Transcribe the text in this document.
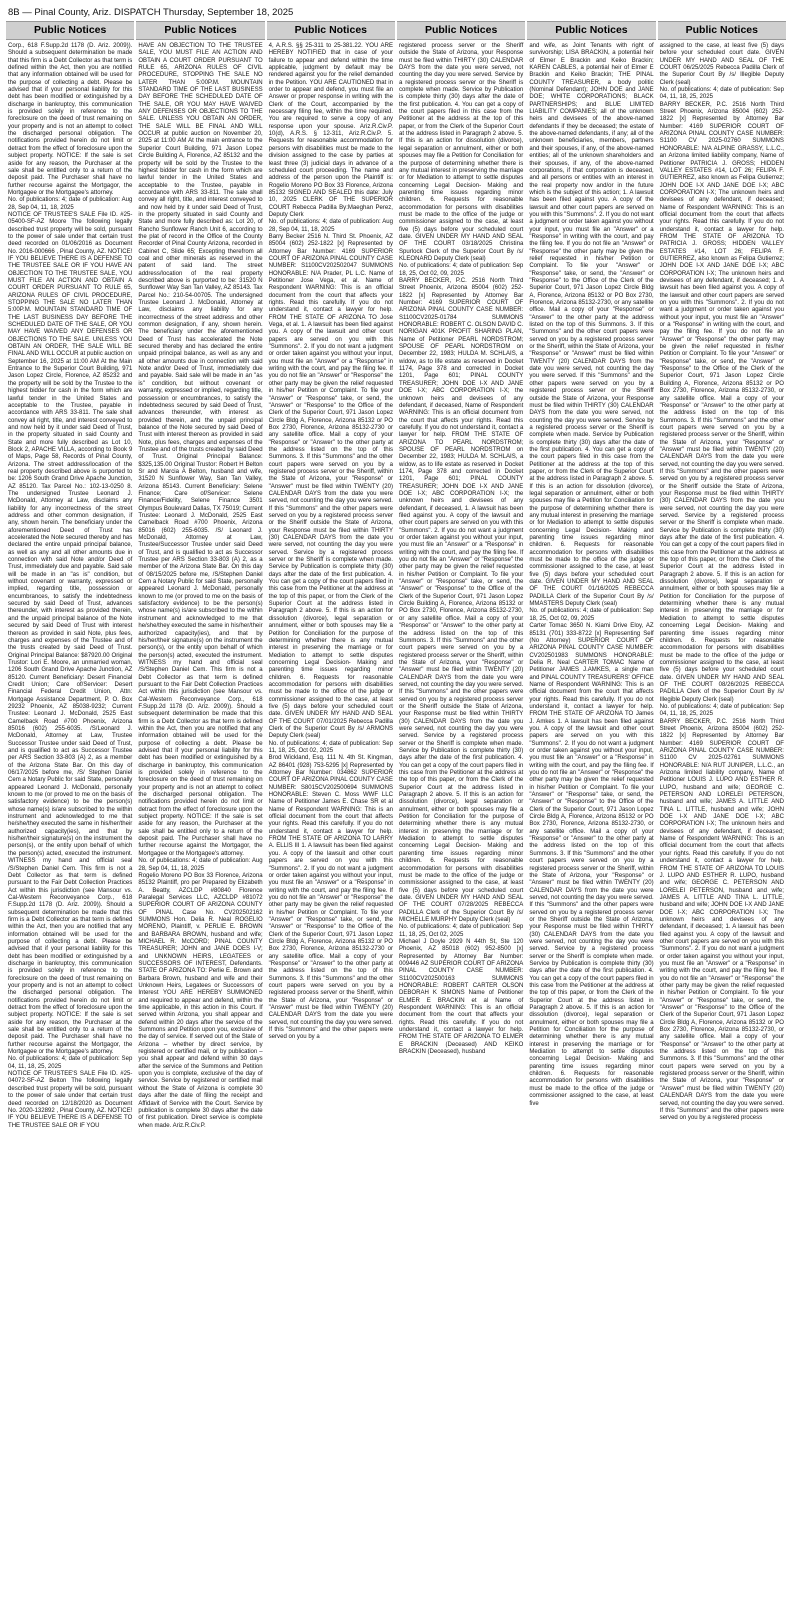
8B — Pinal County, Ariz. DISPATCH Thursday, September 18, 2025
Public Notices

Corp., 618 F.Supp.2d 1178 (D. Ariz. 2009)). Should a subsequent determination be made that this firm is a Debt Collector as that term is defined within the Act, then you are notified that any information obtained will be used for the purpose of collecting a debt. Please be advised that if your personal liability for this debt has been modified or extinguished by a discharge in bankruptcy, this communication is provided solely in reference to the foreclosure on the deed of trust remaining on your property and is not an attempt to collect the discharged personal obligation. The notifications provided herein do not limit or detract from the effect of foreclosure upon the subject property. NOTICE: If the sale is set aside for any reason, the Purchaser at the sale shall be entitled only to a return of the deposit paid. The Purchaser shall have no further recourse against the Mortgagor, the Mortgagee or the Mortgagee's attorney.

No. of publications: 4; date of publication: Aug 28, Sep 04, 11, 18, 2025

NOTICE OF TRUSTEE'S SALE File ID. #25-05400-SF-AZ Moore The following legally described trust property will be sold, pursuant to the power of sale under that certain trust deed recorded on 01/06/2016 as Document No. 2016-000666 , Pinal County, AZ. NOTICE! IF YOU BELIEVE THERE IS A DEFENSE TO THE TRUSTEE SALE OR IF YOU HAVE AN OBJECTION TO THE TRUSTEE SALE, YOU MUST FILE AN ACTION AND OBTAIN A COURT ORDER PURSUANT TO RULE 65, ARIZONA RULES OF CIVIL PROCEDURE, STOPPING THE SALE NO LATER THAN 5:00P.M. MOUNTAIN STANDARD TIME OF THE LAST BUSINESS DAY BEFORE THE SCHEDULED DATE OF THE SALE, OR YOU MAY HAVE WAIVED ANY DEFENSES OR OBJECTIONS TO THE SALE. UNLESS YOU OBTAIN AN ORDER, THE SALE WILL BE FINAL AND WILL OCCUR at public auction on September 16, 2025 at 11:00 AM At the Main Entrance to the Superior Court Building, 971 Jason Lopez Circle, Florence, AZ 85232 and the property will be sold by the Trustee to the highest bidder for cash in the form which are lawful tender in the United States and acceptable to the Trustee, payable in accordance with ARS 33-811. The sale shall convey all right, title, and interest conveyed to and now held by it under said Deed of Trust, in the property situated in said County and State and more fully described as Lot 10, Block 2, APACHE VILLA, according to Book 9 of Maps, Page 58, Records of Pinal County, Arizona. The street address/location of the real property described above is purported to be: 1206 South Grand Drive Apache Junction, AZ 85120. Tax Parcel No.: 102-13-0250 8. The undersigned Trustee Leonard J. McDonald, Attorney at Law, disclaims any liability for any incorrectness of the street address and other common designation, if any, shown herein. The beneficiary under the aforementioned Deed of Trust has accelerated the Note secured thereby and has declared the entire unpaid principal balance, as well as any and all other amounts due in connection with said Note and/or Deed of Trust, immediately due and payable. Said sale will be made in an "as is" condition, but without covenant or warranty, expressed or implied, regarding title, possession or encumbrances, to satisfy the indebtedness secured by said Deed of Trust, advances thereunder, with interest as provided therein, and the unpaid principal balance of the Note secured by said Deed of Trust with interest thereon as provided in said Note, plus fees, charges and expenses of the Trustee and of the trusts created by said Deed of Trust. Original Principal Balance: $87920.00 Original Trustor: Lori E. Moore, an unmarried woman, 1206 South Grand Drive Apache Junction, AZ 85120. Current Beneficiary: Desert Financial Credit Union; Care of/Servicer: Desert Financial Federal Credit Union, Attn: Mortgage Assistance Department, P. O. Box 29232 Phoenix, AZ 85038-9232; Current Trustee: Leonard J. McDonald, 2525 East Camelback Road #700 Phoenix, Arizona 85016 (602) 255-6035. /S/Leonard J. McDonald, Attorney at Law, Trustee Successor Trustee under said Deed of Trust, and is qualified to act as Successor Trustee per ARS Section 33-803 (A) 2, as a member of the Arizona State Bar. On this day of 06/17/2025 before me, /S/ Stephen Daniel Cem a Notary Public for said State, personally appeared Leonard J. McDonald, personally known to me (or proved to me on the basis of satisfactory evidence) to be the person(s) whose name(s) is/are subscribed to the within instrument and acknowledged to me that he/she/they executed the same in his/her/their authorized capacity(ies), and that by his/her/their signature(s) on the instrument the person(s), or the entity upon behalf of which the person(s) acted, executed the instrument. WITNESS my hand and official seal /S/Stephen Daniel Cem. This firm is not a Debt Collector as that term is defined pursuant to the Fair Debt Collection Practices Act within this jurisdiction (see Mansour vs. Cal-Western Reconveyance Corp., 618 F.Supp.2d 1178 (D. Ariz. 2009)). Should a subsequent determination be made that this firm is a Debt Collector as that term is defined within the Act, then you are notified that any information obtained will be used for the purpose of collecting a debt. Please be advised that if your personal liability for this debt has been modified or extinguished by a discharge in bankruptcy, this communication is provided solely in reference to the foreclosure on the deed of trust remaining on your property and is not an attempt to collect the discharged personal obligation. The notifications provided herein do not limit or detract from the effect of foreclosure upon the subject property. NOTICE: If the sale is set aside for any reason, the Purchaser at the sale shall be entitled only to a return of the deposit paid. The Purchaser shall have no further recourse against the Mortgagor, the Mortgagee or the Mortgagee's attorney.

No. of publications: 4; date of publication: Sep 04, 11, 18, 25, 2025

NOTICE OF TRUSTEE'S SALE File ID. #25-04072-SF-AZ Belton The following legally described trust property will be sold, pursuant to the power of sale under that certain trust deed recorded on 12/18/2020 as Document No. 2020-132892 , Pinal County, AZ. NOTICE! IF YOU BELIEVE THERE IS A DEFENSE TO THE TRUSTEE SALE OR IF YOU

Public Notices

HAVE AN OBJECTION TO THE TRUSTEE SALE, YOU MUST FILE AN ACTION AND OBTAIN A COURT ORDER PURSUANT TO RULE 65, ARIZONA RULES OF CIVIL PROCEDURE, STOPPING THE SALE NO LATER THAN 5:00P.M. MOUNTAIN STANDARD TIME OF THE LAST BUSINESS DAY BEFORE THE SCHEDULED DATE OF THE SALE, OR YOU MAY HAVE WAIVED ANY DEFENSES OR OBJECTIONS TO THE SALE. UNLESS YOU OBTAIN AN ORDER, THE SALE WILL BE FINAL AND WILL OCCUR at public auction on November 20, 2025 at 11:00 AM At the main entrance to the Superior Court Building, 971 Jason Lopez Circle Building A, Florence, AZ 85132 and the property will be sold by the Trustee to the highest bidder for cash in the form which are lawful tender in the United States and acceptable to the Trustee, payable in accordance with ARS 33-811. The sale shall convey all right, title, and interest conveyed to and now held by it under said Deed of Trust, in the property situated in said County and State and more fully described as: Lot 20, of Rancho Sunflower Ranch Unit 6, according to the plat of record in the Office of the County Recorder of Pinal County Arizona, recorded in Cabinet C, Slide 65; Excepting therefrom all coal and other minerals as reserved in the patent of said land. The street address/location of the real property described above is purported to be: 31520 N Sunflower Way San Tan Valley, AZ 85143. Tax Parcel No.: 210-54-00705. The undersigned Trustee Leonard J. McDonald, Attorney at Law, disclaims any liability for any incorrectness of the street address and other common designation, if any, shown herein. The beneficiary under the aforementioned Deed of Trust has accelerated the Note secured thereby and has declared the entire unpaid principal balance, as well as any and all other amounts due in connection with said Note and/or Deed of Trust, immediately due and payable. Said sale will be made in an "as is" condition, but without covenant or warranty, expressed or implied, regarding title, possession or encumbrances, to satisfy the indebtedness secured by said Deed of Trust, advances thereunder, with interest as provided therein, and the unpaid principal balance of the Note secured by said Deed of Trust with interest thereon as provided in said Note, plus fees, charges and expenses of the Trustee and of the trusts created by said Deed of Trust. Original Principal Balance: $325,135.00 Original Trustor: Robert H Belton Sr and Marcia A Belton, husband and wife, 31520 N Sunflower Way, San Tan Valley, Arizona 85143. Current Beneficiary: Selene Finance; Care of/Servicer: Selene Finance/Fidelity, Selene Finance 3501 Olympus Boulevard Dallas, TX 75019; Current Trustee: Leonard J. McDonald, 2525 East Camelback Road #700 Phoenix, Arizona 85016 (602) 255-6035. /S/ Leonard J. McDonald, Attorney at Law, Trustee/Successor Trustee under said Deed of Trust, and is qualified to act as Successor Trustee per ARS Section 33-803 (A) 2, as a member of the Arizona State Bar. On this day of 08/15/2025 before me, /S/Stephen Daniel Cem a Notary Public for said State, personally appeared Leonard J. McDonald, personally known to me (or proved to me on the basis of satisfactory evidence) to be the person(s) whose name(s) is/are subscribed to the within instrument and acknowledged to me that he/she/they executed the same in his/her/their authorized capacity(ies), and that by his/her/their signature(s) on the instrument the person(s), or the entity upon behalf of which the person(s) acted, executed the instrument. WITNESS my hand and official seal /S/Stephen Daniel Cem. This firm is not a Debt Collector as that term is defined pursuant to the Fair Debt Collection Practices Act within this jurisdiction (see Mansour vs. Cal-Western Reconveyance Corp., 618 F.Supp.2d 1178 (D. Ariz. 2009)). Should a subsequent determination be made that this firm is a Debt Collector as that term is defined within the Act, then you are notified that any information obtained will be used for the purpose of collecting a debt. Please be advised that if your personal liability for this debt has been modified or extinguished by a discharge in bankruptcy, this communication is provided solely in reference to the foreclosure on the deed of trust remaining on your property and is not an attempt to collect the discharged personal obligation. The notifications provided herein do not limit or detract from the effect of foreclosure upon the subject property. NOTICE: If the sale is set aside for any reason, the Purchaser at the sale shall be entitled only to a return of the deposit paid. The Purchaser shall have no further recourse against the Mortgagor, the Mortgagee or the Mortgagee's attorney.

No. of publications: 4; date of publication: Aug 28, Sep 04, 11, 18, 2025

Rogelio Moreno PO Box 33 Florence, Arizona 85132 Plaintiff, pro per Prepared by Elizabeth A. Beatty, AZCLDP #80840 Florence Paralegal Services LLC, AZCLDP #81072 SUPERIOR COURT OF ARIZONA COUNTY OF PINAL Case No. CV202502162 SUMMONS Hon. Delia R. Neal ROGELIO MORENO, Plaintiff, v. PERLIE E. BROWN and BARBARA BROWN, husband and wife; MICHAEL R. McCORD; PINAL COUNTY TREASURER; JOHN and JANE DOES I-V; and UNKNOWN HEIRS, LEGATEES or SUCCESSORS OF INTEREST, Defendants. STATE OF ARIZONA TO: Perlie E. Brown and Barbara Brown, husband and wife and their Unknown Heirs, Legatees or Successors of Interest YOU ARE HEREBY SUMMONED and required to appear and defend, within the time applicable, in this action in this Court. If served within Arizona, you shall appear and defend within 20 days after the service of the Summons and Petition upon you, exclusive of the day of service. If served out of the State of Arizona – whether by direct service, by registered or certified mail, or by publication – you shall appear and defend within 30 days after the service of the Summons and Petition upon you is complete, exclusive of the day of service. Service by registered or certified mail without the State of Arizona is complete 30 days after the date of filing the receipt and Affidavit of Service with the Court. Service by publication is complete 30 days after the date of first publication. Direct service is complete when made. Ariz.R.Civ.P.

Public Notices

4, A.R.S. §§ 25-311 to 25-381.22. YOU ARE HEREBY NOTIFIED that in case of your failure to appear and defend within the time applicable, judgment by default may be rendered against you for the relief demanded in the Petition. YOU ARE CAUTIONED that in order to appear and defend, you must file an Answer or proper response in writing with the Clerk of the Court, accompanied by the necessary filing fee, within the time required. You are required to serve a copy of any response upon your spouse. Ariz.R.Civ.P. 10(d), A.R.S. § 12-311, Ariz.R.Civ.P. 5. Requests for reasonable accommodation for persons with disabilities must be made to the division assigned to the case by parties at least three (3) judicial days in advance of a scheduled court proceeding. The name and address of the person upon the Plaintiff is: Rogelio Moreno PO Box 33 Florence, Arizona 85132 SIGNED AND SEALED this date: July 10, 2025 CLERK OF THE SUPERIOR COURT Rebecca Padilla By:Maeghan Perez, Deputy Clerk

No. of publications: 4; date of publication: Aug 28, Sep 04, 11, 18, 2025

Barry Becker 2516 N. Third St. Phoenix, AZ 85004 (602) 252-1822 [x] Represented by Attorney Bar Number: 4169 SUPERIOR COURT OF ARIZONA PINAL COUNTY CASE NUMBER: S1100CV202502047 SUMMONS HONORABLE: N/A Prader, PL L.C. Name of Petitioner Jose Vega, et al. Name of Respondent WARNING: This is an official document from the court that affects your rights. Read this carefully. If you do not understand it, contact a lawyer for help. FROM THE STATE OF ARIZONA TO Jose Vega, et al. 1. A lawsuit has been filed against you. A copy of the lawsuit and other court papers are served on you with this "Summons". 2. If you do not want a judgment or order taken against you without your input, you must file an "Answer" or a "Response" in writing with the court, and pay the filing fee. If you do not file an "Answer" or "Response" the other party may be given the relief requested in his/her Petition or Complaint. To file your "Answer" or "Response" take, or send, the "Answer" or "Response" to the Office of the Clerk of the Superior Court, 971 Jason Lopez Circle Bldg A, Florence, Arizona 85132 or PO Box 2730, Florence, Arizona 85132-2730 or any satellite office. Mail a copy of your "Response" or "Answer" to the other party at the address listed on the top of this Summons. 3. If this "Summons" and the other court papers were served on you by a registered process server or the Sheriff, within the State of Arizona, your "Response" or "Answer" must be filed within TWENTY (20) CALENDAR DAYS from the date you were served, not counting the day you were served. If this "Summons" and the other papers were served on you by a registered process server or the Sheriff outside the State of Arizona, your Response must be filed within THIRTY (30) CALENDAR DAYS from the date you were served, not counting the day you were served. Service by a registered process server or the Sheriff is complete when made. Service by Publication is complete thirty (30) days after the date of the first publication. 4. You can get a copy of the court papers filed in this case from the Petitioner at the address at the top of this paper, or from the Clerk of the Superior Court at the address listed in Paragraph 2 above. 5. If this is an action for dissolution (divorce), legal separation or annulment, either or both spouses may file a Petition for Conciliation for the purpose of determining whether there is any mutual interest in preserving the marriage or for Mediation to attempt to settle disputes concerning Legal Decision- Making and parenting time issues regarding minor children. 6. Requests for reasonable accommodation for persons with disabilities must be made to the office of the judge or commissioner assigned to the case, at least five (5) days before your scheduled court date. GIVEN UNDER MY HAND AND SEAL OF THE COURT 07/01/2025 Rebecca Padilla Clerk of the Superior Court By /s/ ARMONS Deputy Clerk (seal)

No. of publications: 4; date of publication: Sep 11, 18, 25, Oct 02, 2025

Brod Wickland, Esq. 111 N. 4th St. Kingman, AZ 86401 (928) 753-5295 [x] Represented by Attorney Bar Number: 034862 SUPERIOR COURT OF ARIZONA PINAL COUNTY CASE NUMBER: S8015CV202500694 SUMMONS HONORABLE: Steven C. Moss WWF LLC Name of Petitioner James E. Chase SR et al Name of Respondent WARNING: This is an official document from the court that affects your rights. Read this carefully. If you do not understand it, contact a lawyer for help. FROM THE STATE OF ARIZONA TO LARRY A. ELLIS III 1. A lawsuit has been filed against you. A copy of the lawsuit and other court papers are served on you with this "Summons". 2. If you do not want a judgment or order taken against you without your input, you must file an "Answer" or a "Response" in writing with the court, and pay the filing fee. If you do not file an "Answer" or "Response" the other party may be given the relief requested in his/her Petition or Complaint. To file your "Answer" or "Response" take, or send, the "Answer" or "Response" to the Office of the Clerk of the Superior Court, 971 Jason Lopez Circle Bldg A, Florence, Arizona 85132 or PO Box 2730, Florence, Arizona 85132-2730 or any satellite office. Mail a copy of your "Response" or "Answer" to the other party at the address listed on the top of this Summons. 3. If this "Summons" and the other court papers were served on you by a registered process server or the Sheriff, within the State of Arizona, your "Response" or "Answer" must be filed within TWENTY (20) CALENDAR DAYS from the date you were served, not counting the day you were served. If this "Summons" and the other papers were served on you by a

Public Notices

registered process server or the Sheriff outside the State of Arizona, your Response must be filed within THIRTY (30) CALENDAR DAYS from the date you were served, not counting the day you were served. Service by a registered process server or the Sheriff is complete when made. Service by Publication is complete thirty (30) days after the date of the first publication. 4. You can get a copy of the court papers filed in this case from the Petitioner at the address at the top of this paper, or from the Clerk of the Superior Court at the address listed in Paragraph 2 above. 5. If this is an action for dissolution (divorce), legal separation or annulment, either or both spouses may file a Petition for Conciliation for the purpose of determining whether there is any mutual interest in preserving the marriage or for Mediation to attempt to settle disputes concerning Legal Decision- Making and parenting time issues regarding minor children. 6. Requests for reasonable accommodation for persons with disabilities must be made to the office of the judge or commissioner assigned to the case, at least five (5) days before your scheduled court date. GIVEN UNDER MY HAND AND SEAL OF THE COURT 03/18/2025 Christina Spurlock Clerk of the Superior Court By /s/ KLEONARD Deputy Clerk (seal)

No. of publications: 4; date of publication: Sep 18, 25, Oct 02, 09, 2025

BARRY BECKER, P.C. 2516 North Third Street Phoenix, Arizona 85004 (602) 252-1822 [x] Represented by Attorney Bar Number: 4169 SUPERIOR COURT OF ARIZONA PINAL COUNTY CASE NUMBER: S1100CV2025-01784 SUMMONS HONORABLE: ROBERT C. OLSON DAVID C. NORIGAN 401K PROFIT SHARING PLAN, Name of Petitioner PEARL NORDSTROM; SPOUSE OF PEARL NORDSTROM on December 22, 1983; HULDA M. SCHLAIS, a widow, as to life estate as reserved in Docket 1174, Page 378 and corrected in Docket 1201, Page 601; PINAL COUNTY TREASURER; JOHN DOE I-X AND JANE DOE I-X; ABC CORPORATION I-X; the unknown heirs and devisees of any defendant, if deceased, Name of Respondent WARNING: This is an official document from the court that affects your rights. Read this carefully. If you do not understand it, contact a lawyer for help. FROM THE STATE OF ARIZONA TO PEARL NORDSTROM; SPOUSE OF PEARL NORDSTROM on December 22, 1983; HULDA M. SCHLAIS, a widow, as to life estate as reserved in Docket 1174, Page 378 and corrected in Docket 1201, Page 601; PINAL COUNTY TREASURER; JOHN DOE I-X AND JANE DOE I-X; ABC CORPORATION I-X; the unknown heirs and devisees of any defendant, if deceased, 1. A lawsuit has been filed against you. A copy of the lawsuit and other court papers are served on you with this "Summons". 2. If you do not want a judgment or order taken against you without your input, you must file an "Answer" or a "Response" in writing with the court, and pay the filing fee. If you do not file an "Answer" or "Response" the other party may be given the relief requested in his/her Petition or Complaint. To file your "Answer" or "Response" take, or send, the "Answer" or "Response" to the Office of the Clerk of the Superior Court, 971 Jason Lopez Circle Building A, Florence, Arizona 85132 or PO Box 2730, Florence, Arizona 85132-2730, or any satellite office. Mail a copy of your "Response" or "Answer" to the other party at the address listed on the top of this Summons. 3. If this "Summons" and the other court papers were served on you by a registered process server or the Sheriff, within the State of Arizona, your "Response" or "Answer" must be filed within TWENTY (20) CALENDAR DAYS from the date you were served, not counting the day you were served. If this "Summons" and the other papers were served on you by a registered process server or the Sheriff outside the State of Arizona, your Response must be filed within THIRTY (30) CALENDAR DAYS from the date you were served, not counting the day you were served. Service by a registered process server or the Sheriff is complete when made. Service by Publication is complete thirty (30) days after the date of the first publication. 4. You can get a copy of the court papers filed in this case from the Petitioner at the address at the top of this paper, or from the Clerk of the Superior Court at the address listed in Paragraph 2 above. 5. If this is an action for dissolution (divorce), legal separation or annulment, either or both spouses may file a Petition for Conciliation for the purpose of determining whether there is any mutual interest in preserving the marriage or for Mediation to attempt to settle disputes concerning Legal Decision- Making and parenting time issues regarding minor children. 6. Requests for reasonable accommodation for persons with disabilities must be made to the office of the judge or commissioner assigned to the case, at least five (5) days before your scheduled court date. GIVEN UNDER MY HAND AND SEAL OF THE COURT 07/28/2025 REBECCA PADILLA Clerk of the Superior Court By /s/ MICHELLE MURPHY Deputy Clerk (seal)

No. of publications: 4; date of publication: Sep 11, 18, 25, Oct 02, 2025

Michael J Doyle 2929 N 44th St, Ste 120 Phoenix, AZ 85018 (602) 952-8500 [x] Represented by Attorney Bar Number: 009446 AZ SUPERIOR COURT OF ARIZONA PINAL COUNTY CASE NUMBER: S1100CV202500163 SUMMONS HONORABLE: ROBERT CARTER OLSON DEBORAH K SIMONS Name of Petitioner ELMER E BRACKIN et al Name of Respondent WARNING: This is an official document from the court that affects your rights. Read this carefully. If you do not understand it, contact a lawyer for help. FROM THE STATE OF ARIZONA TO ELMER E BRACKIN (Deceased) AND KEIKO BRACKIN (Deceased), husband

Public Notices

and wife, as Joint Tenants with right of survivorship; LISA BRACKIN, a potential heir of Elmer E Brackin and Keiko Brackin; KAREN CABLES, a potential heir of Elmer E Brackin and Keiko Brackin; THE PINAL COUNTY TREASURER, a body politic (Nominal Defendant); JOHN DOE and JANE DOE; WHITE CORPORATIONS; BLACK PARTNERSHIPS; and BLUE LIMITED LIABILITY COMPANIES; all of the unknown heirs and devisees of the above-named defendants if they be deceased; the estate of the above-named defendants, if any; all of the unknown beneficiaries, members, partners and their spouses, if any, of the above-named entities; all of the unknown shareholders and their spouses, if any, of the above-named corporations, if that corporation is deceased, and all persons or entities with an interest in the real property now and/or in the future which is the subject of this action; 1. A lawsuit has been filed against you. A copy of the lawsuit and other court papers are served on you with this "Summons". 2. If you do not want a judgment or order taken against you without your input, you must file an "Answer" or a "Response" in writing with the court, and pay the filing fee. If you do not file an "Answer" or "Response" the other party may be given the relief requested in his/her Petition or Complaint. To file your "Answer" or "Response" take, or send, the "Answer" or "Response" to the Office of the Clerk of the Superior Court, 971 Jason Lopez Circle Bldg A, Florence, Arizona 85132 or PO Box 2730, Florence, Arizona 85132-2730, or any satellite office. Mail a copy of your "Response" or "Answer" to the other party at the address listed on the top of this Summons. 3. If this "Summons" and the other court papers were served on you by a registered process server or the Sheriff, within the State of Arizona, your "Response" or "Answer" must be filed within TWENTY (20) CALENDAR DAYS from the date you were served, not counting the day you were served. If this "Summons" and the other papers were served on you by a registered process server or the Sheriff outside the State of Arizona, your Response must be filed within THIRTY (30) CALENDAR DAYS from the date you were served, not counting the day you were served. Service by a registered process server or the Sheriff is complete when made. Service by Publication is complete thirty (30) days after the date of the first publication. 4. You can get a copy of the court papers filed in this case from the Petitioner at the address at the top of this paper, or from the Clerk of the Superior Court at the address listed in Paragraph 2 above. 5. If this is an action for dissolution (divorce), legal separation or annulment, either or both spouses may file a Petition for Conciliation for the purpose of determining whether there is any mutual interest in preserving the marriage or for Mediation to attempt to settle disputes concerning Legal Decision- Making and parenting time issues regarding minor children. 6. Requests for reasonable accommodation for persons with disabilities must be made to the office of the judge or commissioner assigned to the case, at least five (5) days before your scheduled court date. GIVEN UNDER MY HAND AND SEAL OF THE COURT 01/16/2025 REBECCA PADILLA Clerk of the Superior Court By /s/ MMASTERS Deputy Clerk (seal)

No. of publications: 4; date of publication: Sep 18, 25, Oct 02, 09, 2025

Carter Tomac 3650 N. Kiami Drive Eloy, AZ 85131 (701) 333-8722 [x] Representing Self (No Attorney) SUPERIOR COURT OF ARIZONA PINAL COUNTY CASE NUMBER: CV202501983 SUMMONS HONORABLE: Delia R. Neal CARTER TOMAC Name of Petitioner JAMES J.AMKES, a single man and PINAL COUNTY TREASURERS' OFFICE Name of Respondent WARNING: This is an official document from the court that affects your rights. Read this carefully. If you do not understand it, contact a lawyer for help. FROM THE STATE OF ARIZONA TO James J. Amkes 1. A lawsuit has been filed against you. A copy of the lawsuit and other court papers are served on you with this "Summons". 2. If you do not want a judgment or order taken against you without your input, you must file an "Answer" or a "Response" in writing with the court, and pay the filing fee. If you do not file an "Answer" or "Response" the other party may be given the relief requested in his/her Petition or Complaint. To file your "Answer" or "Response" take, or send, the "Answer" or "Response" to the Office of the Clerk of the Superior Court, 971 Jason Lopez Circle Bldg A, Florence, Arizona 85132 or PO Box 2730, Florence, Arizona 85132-2730, or any satellite office. Mail a copy of your "Response" or "Answer" to the other party at the address listed on the top of this Summons. 3. If this "Summons" and the other court papers were served on you by a registered process server or the Sheriff, within the State of Arizona, your "Response" or "Answer" must be filed within TWENTY (20) CALENDAR DAYS from the date you were served, not counting the day you were served. If this "Summons" and the other papers were served on you by a registered process server or the Sheriff outside the State of Arizona, your Response must be filed within THIRTY (30) CALENDAR DAYS from the date you were served, not counting the day you were served. Service by a registered process server or the Sheriff is complete when made. Service by Publication is complete thirty (30) days after the date of the first publication. 4. You can get a copy of the court papers filed in this case from the Petitioner at the address at the top of this paper, or from the Clerk of the Superior Court at the address listed in Paragraph 2 above. 5. If this is an action for dissolution (divorce), legal separation or annulment, either or both spouses may file a Petition for Conciliation for the purpose of determining whether there is any mutual interest in preserving the marriage or for Mediation to attempt to settle disputes concerning Legal Decision- Making and parenting time issues regarding minor children. 6. Requests for reasonable accommodation for persons with disabilities must be made to the office of the judge or commissioner assigned to the case, at least five

Public Notices

assigned to the case, at least five (5) days before your scheduled court date. GIVEN UNDER MY HAND AND SEAL OF THE COURT 06/25/2025 Rebecca Padilla Clerk of the Superior Court By /s/ Illegible Deputy Clerk (seal)

No. of publications: 4; date of publication: Sep 04, 11, 18, 25, 2025

BARRY BECKER, P.C. 2516 North Third Street Phoenix, Arizona 85004 (602) 252-1822 [x] Represented by Attorney Bar Number: 4169 SUPERIOR COURT OF ARIZONA PINAL COUNTY CASE NUMBER: S1100 CV 2025-02760 SUMMONS HONORABLE: N/A ALPINE GRASSY, L.L.C., an Arizona limited liability company, Name of Petitioner PATRICIA J. GROSS; HIDDEN VALLEY ESTATES #14, LOT 26; FELIPA F. GUTIERREZ, also known as Felipa Gutierrez; JOHN DOE I-X AND JANE DOE I-X; ABC CORPORATION I-X; The unknown heirs and devisees of any defendant, if deceased; Name of Respondent WARNING: This is an official document from the court that affects your rights. Read this carefully. If you do not understand it, contact a lawyer for help. FROM THE STATE OF ARIZONA TO PATRICIA J. GROSS; HIDDEN VALLEY ESTATES #14, LOT 26; FELIPA F. GUTIERREZ, also known as Felipa Gutierrez; JOHN DOE I-X AND JANE DOE I-X; ABC CORPORATION I-X; The unknown heirs and devisees of any defendant, if deceased; 1. A lawsuit has been filed against you. A copy of the lawsuit and other court papers are served on you with this "Summons". 2. If you do not want a judgment or order taken against you without your input, you must file an "Answer" or a "Response" in writing with the court, and pay the filing fee. If you do not file an "Answer" or "Response" the other party may be given the relief requested in his/her Petition or Complaint. To file your "Answer" or "Response" take, or send, the "Answer" or "Response" to the Office of the Clerk of the Superior Court, 971 Jason Lopez Circle Building A, Florence, Arizona 85132 or PO Box 2730, Florence, Arizona 85132-2730, or any satellite office. Mail a copy of your "Response" or "Answer" to the other party at the address listed on the top of this Summons. 3. If this "Summons" and the other court papers were served on you by a registered process server or the Sheriff, within the State of Arizona, your "Response" or "Answer" must be filed within TWENTY (20) CALENDAR DAYS from the date you were served, not counting the day you were served. If this "Summons" and the other papers were served on you by a registered process server or the Sheriff outside the State of Arizona, your Response must be filed within THIRTY (30) CALENDAR DAYS from the date you were served, not counting the day you were served. Service by a registered process server or the Sheriff is complete when made. Service by Publication is complete thirty (30) days after the date of the first publication. 4. You can get a copy of the court papers filed in this case from the Petitioner at the address at the top of this paper, or from the Clerk of the Superior Court at the address listed in Paragraph 2 above. 5. If this is an action for dissolution (divorce), legal separation or annulment, either or both spouses may file a Petition for Conciliation for the purpose of determining whether there is any mutual interest in preserving the marriage or for Mediation to attempt to settle disputes concerning Legal Decision- Making and parenting time issues regarding minor children. 6. Requests for reasonable accommodation for persons with disabilities must be made to the office of the judge or commissioner assigned to the case, at least five (5) days before your scheduled court date. GIVEN UNDER MY HAND AND SEAL OF THE COURT 08/26/2025 REBECCA PADILLA Clerk of the Superior Court By /s/ Illegible Deputy Clerk (seal)

No. of publications: 4; date of publication: Sep 04, 11, 18, 25, 2025

BARRY BECKER, P.C. 2516 North Third Street Phoenix, Arizona 85004 (602) 252-1822 [x] Represented by Attorney Bar Number: 4169 SUPERIOR COURT OF ARIZONA PINAL COUNTY CASE NUMBER: S1100 CV 2025-02761 SUMMONS HONORABLE: N/A RUT JUNIPER, L.L.C., an Arizona limited liability company, Name of Petitioner LOUIS J. LUPO AND ESTHER R. LUPO, husband and wife; GEORGE C. PETERSON AND LORELEI PETERSON, husband and wife; JAMES A. LITTLE AND TINA L. LITTLE, husband and wife; JOHN DOE I-X AND JANE DOE I-X; ABC CORPORATION I-X; The unknown heirs and devisees of any defendant, if deceased; Name of Respondent WARNING: This is an official document from the court that affects your rights. Read this carefully. If you do not understand it, contact a lawyer for help. FROM THE STATE OF ARIZONA TO LOUIS J. LUPO AND ESTHER R. LUPO, husband and wife; GEORGE C. PETERSON AND LORELEI PETERSON, husband and wife; JAMES A. LITTLE AND TINA L. LITTLE, husband and wife; JOHN DOE I-X AND JANE DOE I-X; ABC CORPORATION I-X; The unknown heirs and devisees of any defendant, if deceased; 1. A lawsuit has been filed against you. A copy of the lawsuit and other court papers are served on you with this "Summons". 2. If you do not want a judgment or order taken against you without your input, you must file an "Answer" or a "Response" in writing with the court, and pay the filing fee. If you do not file an "Answer" or "Response" the other party may be given the relief requested in his/her Petition or Complaint. To file your "Answer" or "Response" take, or send, the "Answer" or "Response" to the Office of the Clerk of the Superior Court, 971 Jason Lopez Circle Bldg A, Florence, Arizona 85132 or PO Box 2730, Florence, Arizona 85132-2730, or any satellite office. Mail a copy of your "Response" or "Answer" to the other party at the address listed on the top of this Summons. 3. If this "Summons" and the other court papers were served on you by a registered process server or the Sheriff, within the State of Arizona, your "Response" or "Answer" must be filed within TWENTY (20) CALENDAR DAYS from the date you were served, not counting the day you were served. If this "Summons" and the other papers were served on you by a registered process
